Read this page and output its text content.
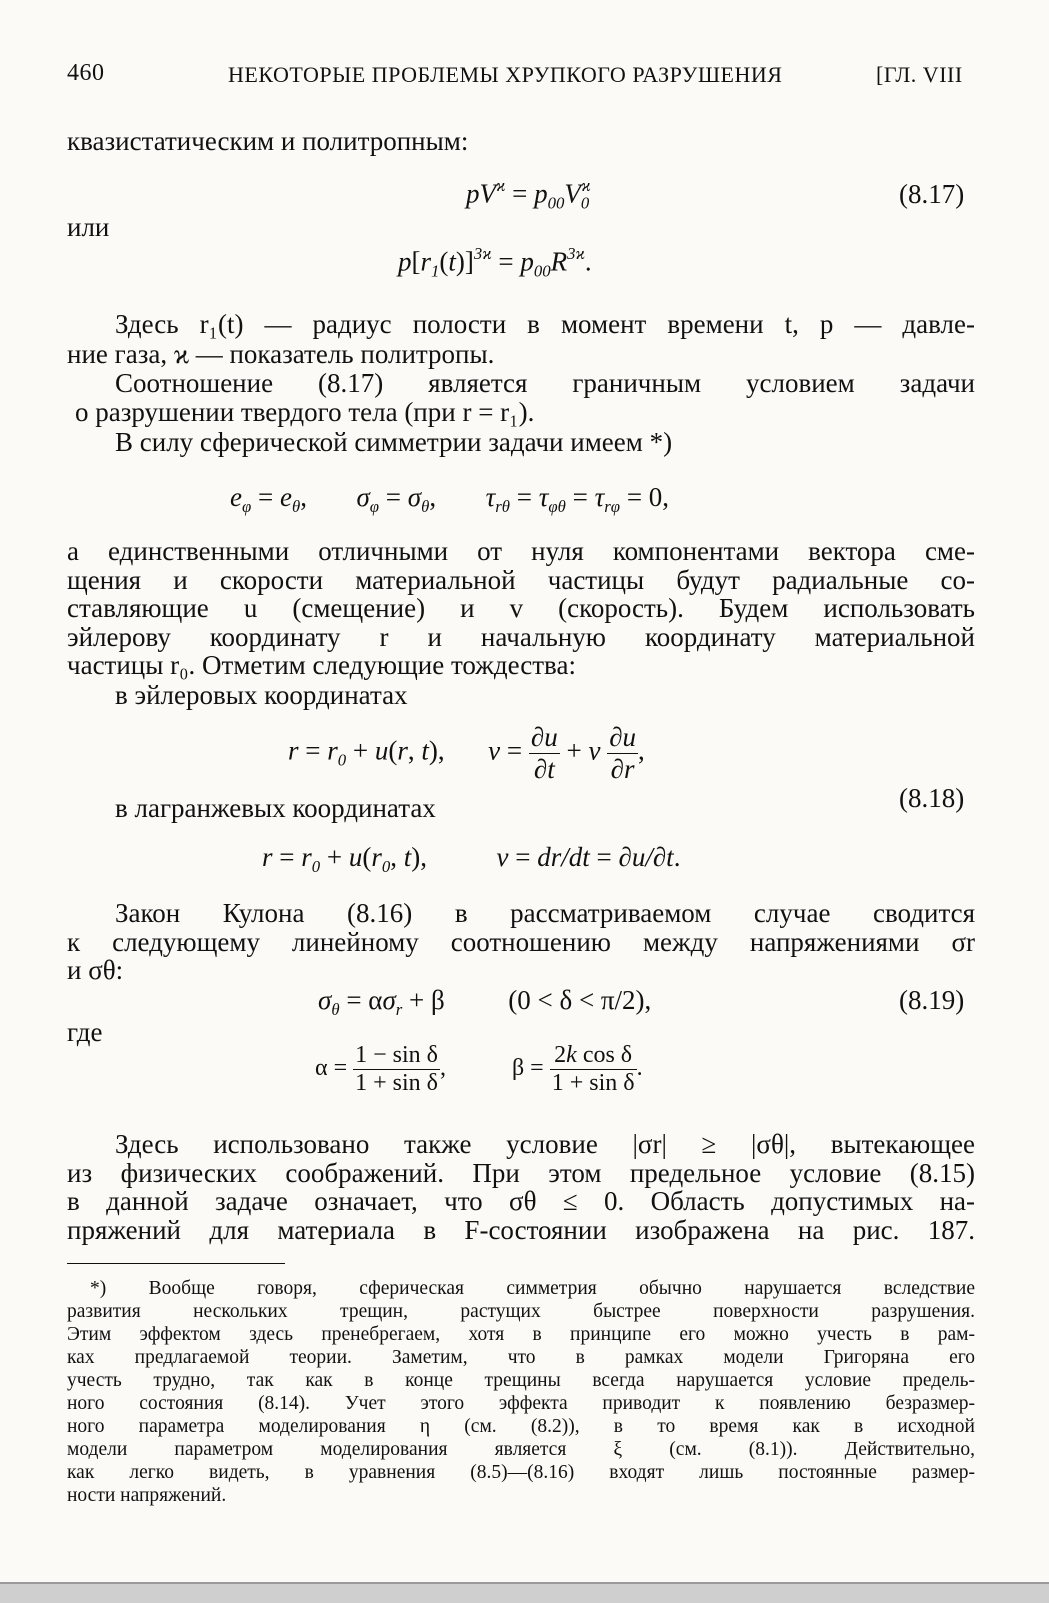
460	НЕКОТОРЫЕ ПРОБЛЕМЫ ХРУПКОГО РАЗРУШЕНИЯ	[ГЛ. VIII
квазистатическим и политропным:
$pV^ϰ = p_{00}V_0^ϰ$	(8.17)
или
$p[r_1(t)]^{3ϰ} = p_{00}R^{3ϰ}$.
Здесь r₁(t) — радиус полости в момент времени t, p — давле-
ние газа, ϰ — показатель политропы.
Соотношение (8.17) является граничным условием задачи
о разрушении твердого тела (при r = r₁).
В силу сферической симметрии задачи имеем *)
$e_\varphi = e_\theta$,  $\sigma_\varphi = \sigma_\theta$,  $\tau_{r\theta} = \tau_{\varphi\theta} = \tau_{r\varphi} = 0$,
а единственными отличными от нуля компонентами вектора сме-
щения и скорости материальной частицы будут радиальные со-
ставляющие u (смещение) и v (скорость). Будем использовать
эйлерову координату r и начальную координату материальной
частицы r₀. Отметим следующие тождества:
в эйлеровых координатах
$r = r_0 + u(r$, t),  $v = \frac{\partial u}{\partial t} + v \frac{\partial u}{\partial r}$ ,
в лагранжевых координатах	(8.18)
$r = r_0 + u(r_0$, t),  v = dr/dt = ∂u/∂t.
Закон Кулона (8.16) в рассматриваемом случае сводится
к следующему линейному соотношению между напряжениями σr
и σθ:
$\sigma_\theta = \alpha\sigma_r + \beta$ (0 < δ < π/2),	(8.19)
где
$\alpha = \frac{\text{1 − sin δ}}{\text{1 + sin δ}}$ ,  $\beta = \frac{\text{2k cos δ}}{\text{1 + sin δ}}$ .
Здесь использовано также условие |σr| ≥ |σθ|, вытекающее
из физических соображений. При этом предельное условие (8.15)
в данной задаче означает, что σθ ≤ 0. Область допустимых на-
пряжений для материала в F-состоянии изображена на рис. 187.
*) Вообще говоря, сферическая симметрия обычно нарушается вследствие
развития нескольких трещин, растущих быстрее поверхности разрушения.
Этим эффектом здесь пренебрегаем, хотя в принципе его можно учесть в рам-
ках предлагаемой теории. Заметим, что в рамках модели Григоряна его
учесть трудно, так как в конце трещины всегда нарушается условие предель-
ного состояния (8.14). Учет этого эффекта приводит к появлению безразмер-
ного параметра моделирования η (см. (8.2)), в то время как в исходной
модели параметром моделирования является ξ (см. (8.1)). Действительно,
как легко видеть, в уравнения (8.5)—(8.16) входят лишь постоянные размер-
ности напряжений.
